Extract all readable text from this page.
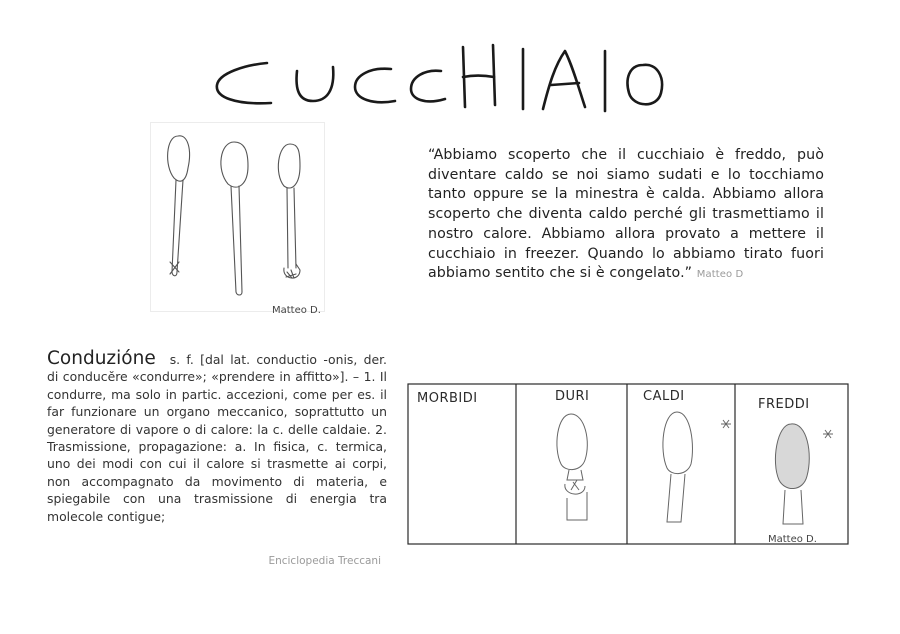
Matteo D.
“Abbiamo scoperto che il cucchiaio è freddo, può diventare caldo se noi siamo sudati e lo tocchiamo tanto oppure se la minestra è calda. Abbiamo allora scoperto che diventa caldo perché gli trasmettiamo il nostro calore. Abbiamo allora provato a mettere il cucchiaio in freezer. Quando lo abbiamo tirato fuori abbiamo sentito che si è congelato.” Matteo D
Conduzióne s. f. [dal lat. conductio -onis, der. di conducĕre «condurre»; «prendere in affitto»]. – 1. Il condurre, ma solo in partic. accezioni, come per es. il far funzionare un organo meccanico, soprattutto un generatore di vapore o di calore: la c. delle caldaie. 2. Trasmissione, propagazione: a. In fisica, c. termica, uno dei modi con cui il calore si trasmette ai corpi, non accompagnato da movimento di materia, e spiegabile con una trasmissione di energia tra molecole contigue;
Enciclopedia Treccani
MORBIDI	DURI	CALDI
FREDDI
Matteo D.
